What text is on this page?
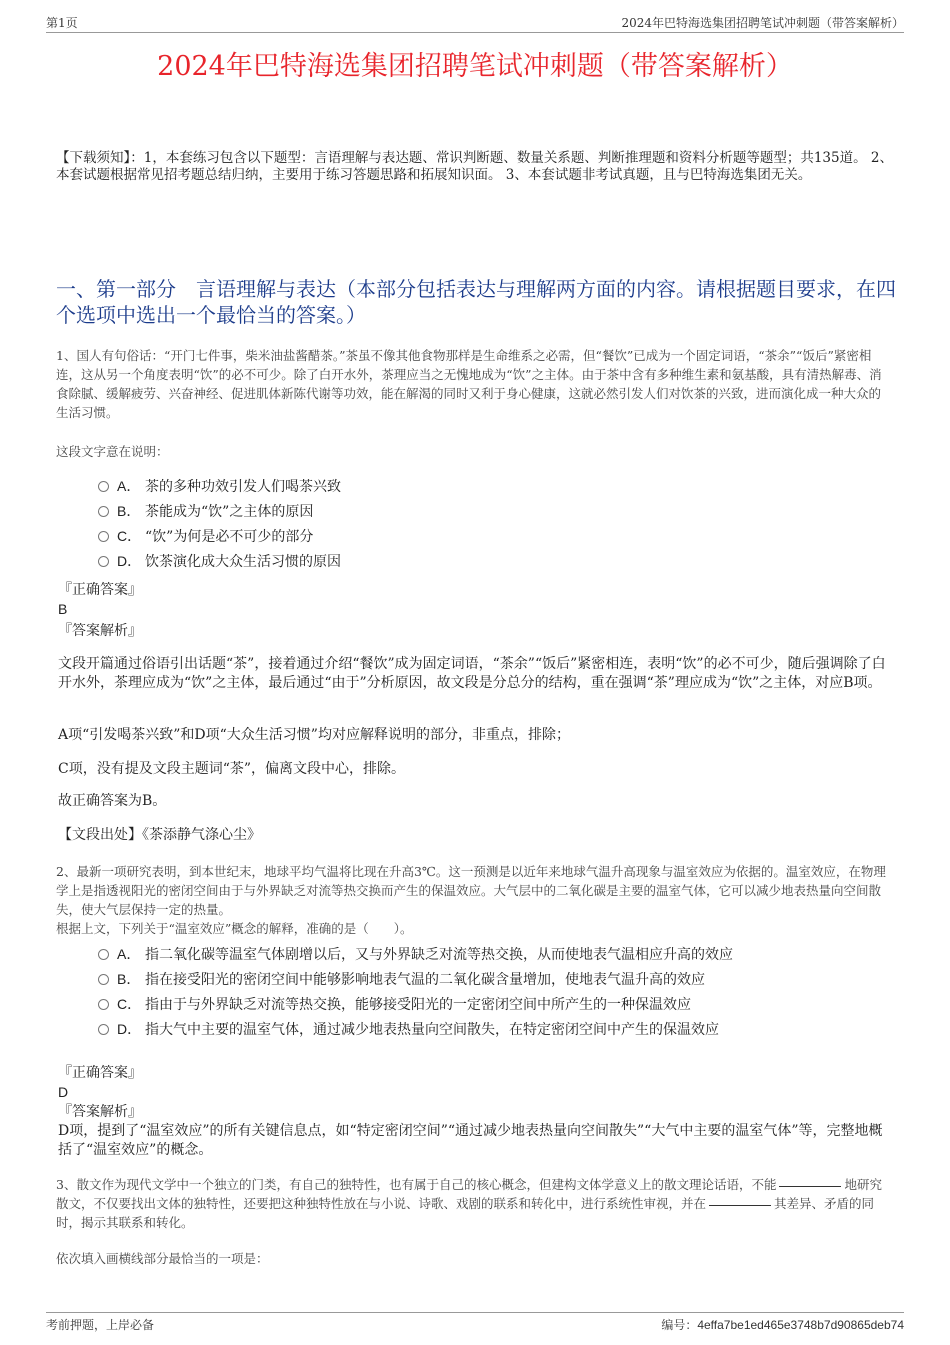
第1页	2024年巴特海选集团招聘笔试冲刺题（带答案解析）
2024年巴特海选集团招聘笔试冲刺题（带答案解析）
【下载须知】：1，本套练习包含以下题型：言语理解与表达题、常识判断题、数量关系题、判断推理题和资料分析题等题型；共135道。 2、本套试题根据常见招考题总结归纳，主要用于练习答题思路和拓展知识面。 3、本套试题非考试真题，且与巴特海选集团无关。
一、第一部分　言语理解与表达（本部分包括表达与理解两方面的内容。请根据题目要求，在四个选项中选出一个最恰当的答案。）
1、国人有句俗话：“开门七件事，柴米油盐酱醋茶。”茶虽不像其他食物那样是生命维系之必需，但“餐饮”已成为一个固定词语，“茶余”“饭后”紧密相连，这从另一个角度表明“饮”的必不可少。除了白开水外，茶理应当之无愧地成为“饮”之主体。由于茶中含有多种维生素和氨基酸，具有清热解毒、消食除腻、缓解疲劳、兴奋神经、促进肌体新陈代谢等功效，能在解渴的同时又利于身心健康，这就必然引发人们对饮茶的兴致，进而演化成一种大众的生活习惯。
这段文字意在说明：
A． 茶的多种功效引发人们喝茶兴致
B． 茶能成为“饮”之主体的原因
C． “饮”为何是必不可少的部分
D． 饮茶演化成大众生活习惯的原因
『正确答案』
B
『答案解析』
文段开篇通过俗语引出话题“茶”，接着通过介绍“餐饮”成为固定词语，“茶余”“饭后”紧密相连，表明“饮”的必不可少，随后强调除了白开水外，茶理应成为“饮”之主体，最后通过“由于”分析原因，故文段是分总分的结构，重在强调“茶”理应成为“饮”之主体，对应B项。
A项“引发喝茶兴致”和D项“大众生活习惯”均对应解释说明的部分，非重点，排除；
C项，没有提及文段主题词“茶”，偏离文段中心，排除。
故正确答案为B。
【文段出处】《茶添静气涤心尘》
2、最新一项研究表明，到本世纪末，地球平均气温将比现在升高3℃。这一预测是以近年来地球气温升高现象与温室效应为依据的。温室效应，在物理学上是指透视阳光的密闭空间由于与外界缺乏对流等热交换而产生的保温效应。大气层中的二氧化碳是主要的温室气体，它可以减少地表热量向空间散失，使大气层保持一定的热量。
根据上文，下列关于“温室效应”概念的解释，准确的是（　　）。
A． 指二氧化碳等温室气体剧增以后，又与外界缺乏对流等热交换，从而使地表气温相应升高的效应
B． 指在接受阳光的密闭空间中能够影响地表气温的二氧化碳含量增加，使地表气温升高的效应
C． 指由于与外界缺乏对流等热交换，能够接受阳光的一定密闭空间中所产生的一种保温效应
D． 指大气中主要的温室气体，通过减少地表热量向空间散失，在特定密闭空间中产生的保温效应
『正确答案』
D
『答案解析』
D项，提到了“温室效应”的所有关键信息点，如“特定密闭空间”“通过减少地表热量向空间散失”“大气中主要的温室气体”等，完整地概括了“温室效应”的概念。
3、散文作为现代文学中一个独立的门类，有自己的独特性，也有属于自己的核心概念，但建构文体学意义上的散文理论话语，不能	地研究散文，不仅要找出文体的独特性，还要把这种独特性放在与小说、诗歌、戏剧的联系和转化中，进行系统性审视，并在	其差异、矛盾的同时，揭示其联系和转化。
依次填入画横线部分最恰当的一项是：
考前押题，上岸必备	编号：4effa7be1ed465e3748b7d90865deb74
